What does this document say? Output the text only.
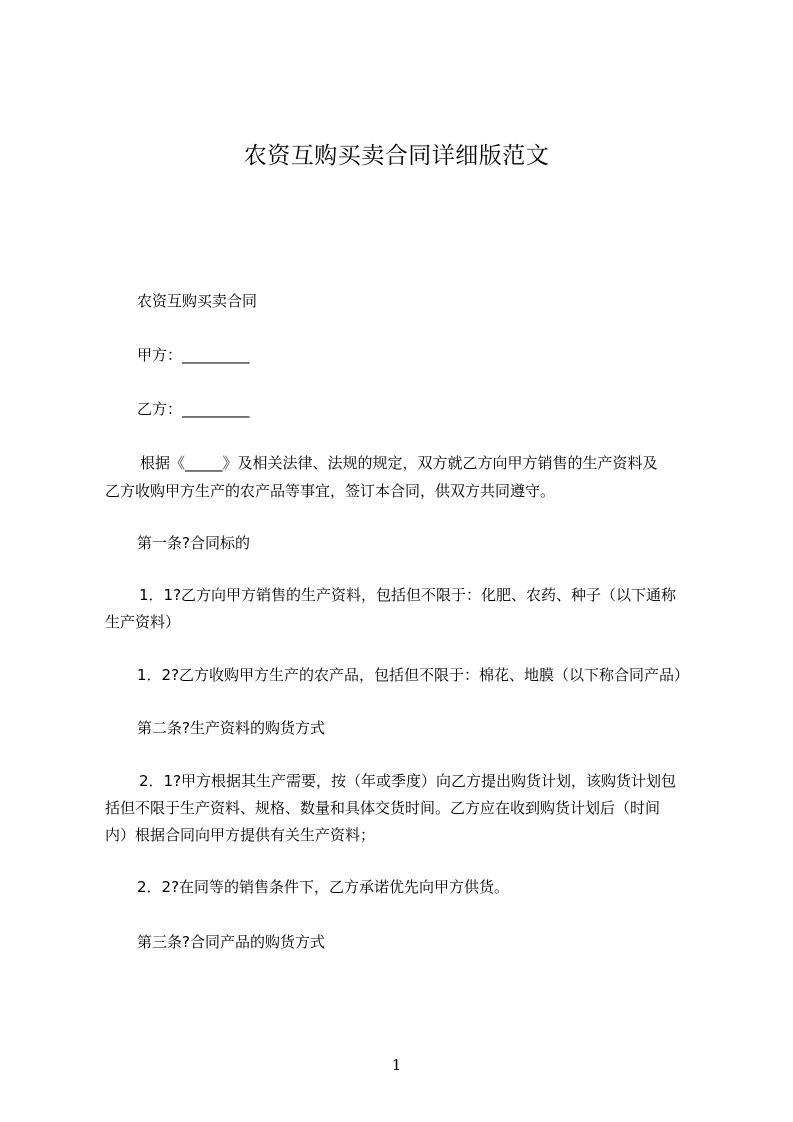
农资互购买卖合同详细版范文
农资互购买卖合同
甲方：_________
乙方：_________
根据《_____》及相关法律、法规的规定，双方就乙方向甲方销售的生产资料及
乙方收购甲方生产的农产品等事宜，签订本合同，供双方共同遵守。
第一条?合同标的
1．1?乙方向甲方销售的生产资料，包括但不限于：化肥、农药、种子（以下通称
生产资料）
1．2?乙方收购甲方生产的农产品，包括但不限于：棉花、地膜（以下称合同产品）
第二条?生产资料的购货方式
2．1?甲方根据其生产需要，按（年或季度）向乙方提出购货计划，该购货计划包
括但不限于生产资料、规格、数量和具体交货时间。乙方应在收到购货计划后（时间
内）根据合同向甲方提供有关生产资料；
2．2?在同等的销售条件下，乙方承诺优先向甲方供货。
第三条?合同产品的购货方式
1
